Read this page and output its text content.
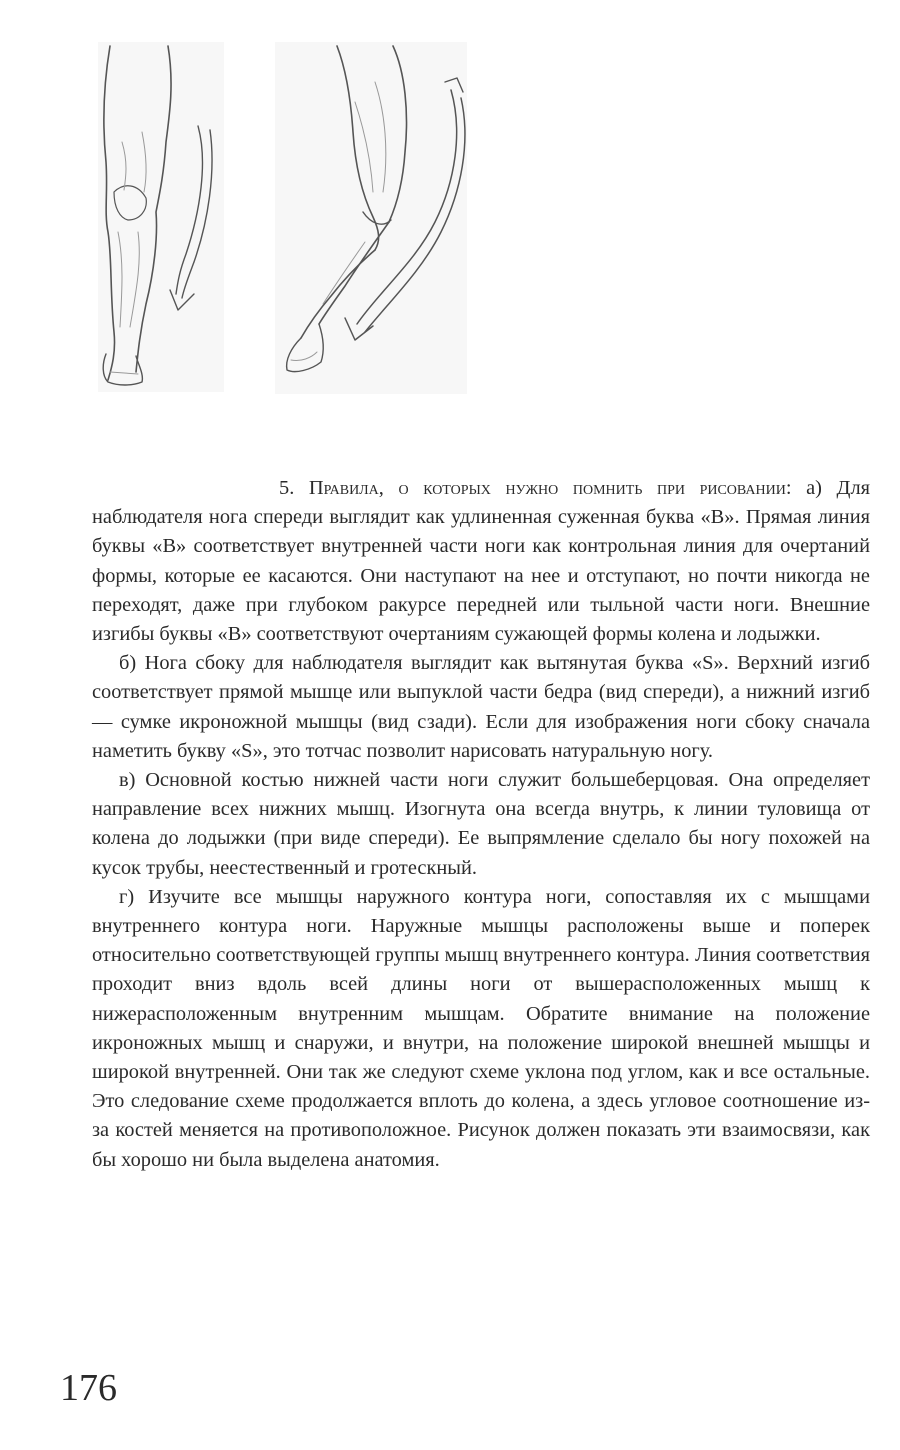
5. Правила, о которых нужно помнить при рисовании: а) Для наблюдателя нога спереди выглядит как удлиненная суженная буква «В». Прямая линия буквы «В» соответствует внутренней части ноги как контрольная линия для очертаний формы, которые ее касаются. Они наступают на нее и отступают, но почти никогда не переходят, даже при глубоком ракурсе передней или тыльной части ноги. Внешние изгибы буквы «В» соответствуют очертаниям сужающей формы колена и лодыжки.

б) Нога сбоку для наблюдателя выглядит как вытянутая буква «S». Верхний изгиб соответствует прямой мышце или выпуклой части бедра (вид спереди), а нижний изгиб — сумке икроножной мышцы (вид сзади). Если для изображения ноги сбоку сначала наметить букву «S», это тотчас позволит нарисовать натуральную ногу.

в) Основной костью нижней части ноги служит большеберцовая. Она определяет направление всех нижних мышц. Изогнута она всегда внутрь, к линии туловища от колена до лодыжки (при виде спереди). Ее выпрямление сделало бы ногу похожей на кусок трубы, неестественный и гротескный.

г) Изучите все мышцы наружного контура ноги, сопоставляя их с мышцами внутреннего контура ноги. Наружные мышцы расположены выше и поперек относительно соответствующей группы мышц внутреннего контура. Линия соответствия проходит вниз вдоль всей длины ноги от вышерасположенных мышц к нижерасположенным внутренним мышцам. Обратите внимание на положение икроножных мышц и снаружи, и внутри, на положение широкой внешней мышцы и широкой внутренней. Они так же следуют схеме уклона под углом, как и все остальные. Это следование схеме продолжается вплоть до колена, а здесь угловое соотношение из-за костей меняется на противоположное. Рисунок должен показать эти взаимосвязи, как бы хорошо ни была выделена анатомия.

176
